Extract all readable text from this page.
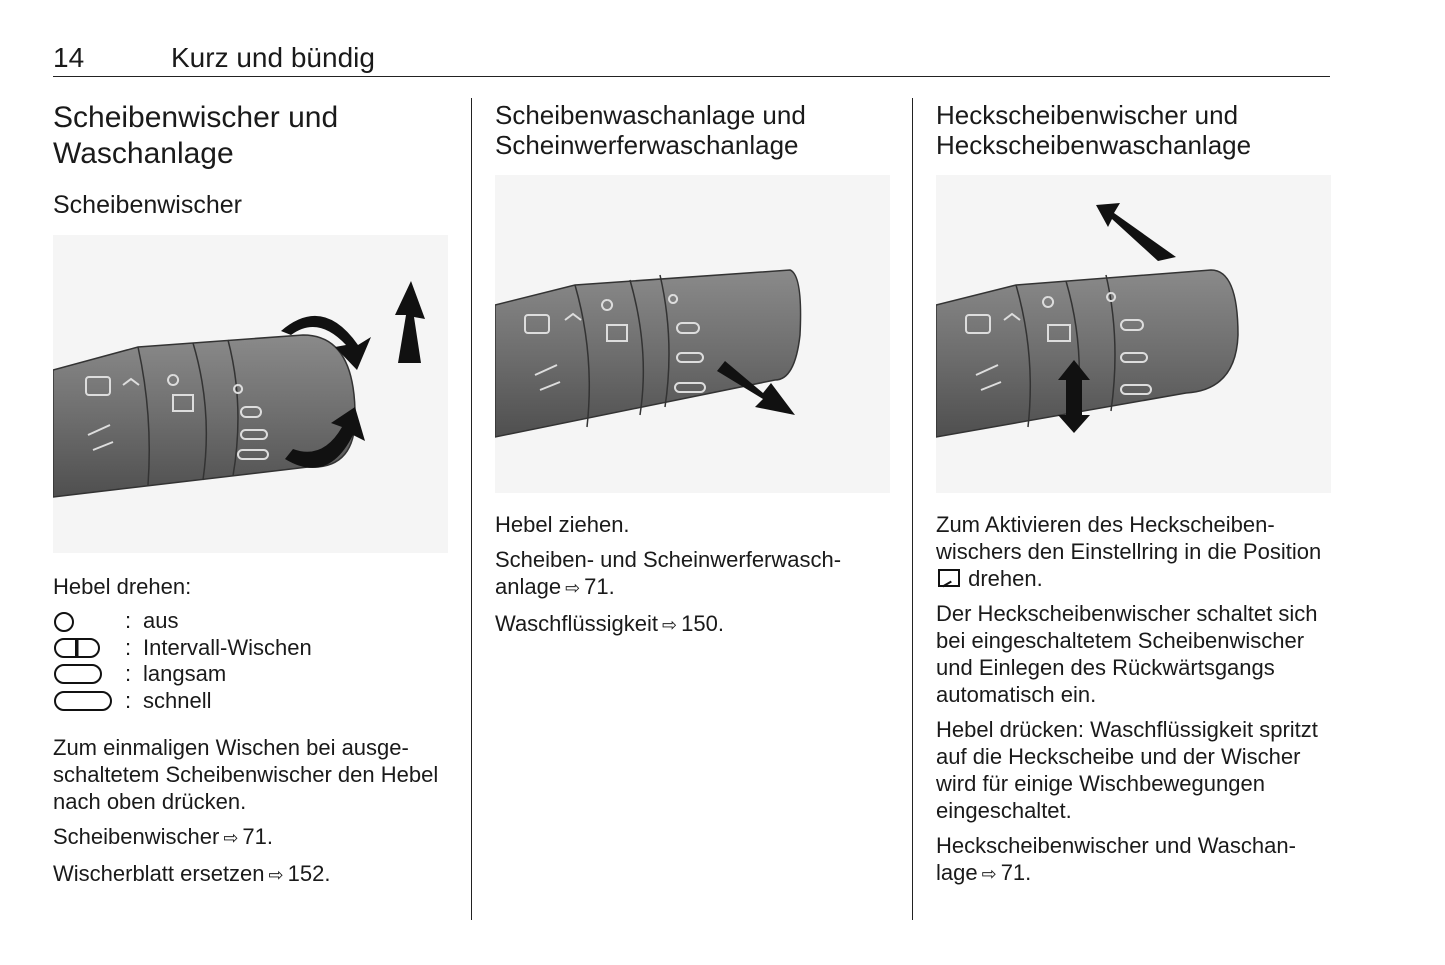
14	Kurz und bündig
Scheibenwischer und Waschanlage
Scheibenwischer

Hebel drehen:

: aus
: Intervall-Wischen
: langsam
: schnell

Zum einmaligen Wischen bei ausgeschaltetem Scheibenwischer den Hebel nach oben drücken.

Scheibenwischer ⇨ 71.

Wischerblatt ersetzen ⇨ 152.

Scheibenwaschanlage und Scheinwerferwaschanlage

Hebel ziehen.

Scheiben- und Scheinwerferwaschanlage ⇨ 71.

Waschflüssigkeit ⇨ 150.

Heckscheibenwischer und Heckscheibenwaschanlage

Zum Aktivieren des Heckscheibenwischers den Einstellring in die Position
drehen.

Der Heckscheibenwischer schaltet sich bei eingeschaltetem Scheibenwischer und Einlegen des Rückwärtsgangs automatisch ein.

Hebel drücken: Waschflüssigkeit spritzt auf die Heckscheibe und der Wischer wird für einige Wischbewegungen eingeschaltet.

Heckscheibenwischer und Waschanlage ⇨ 71.
